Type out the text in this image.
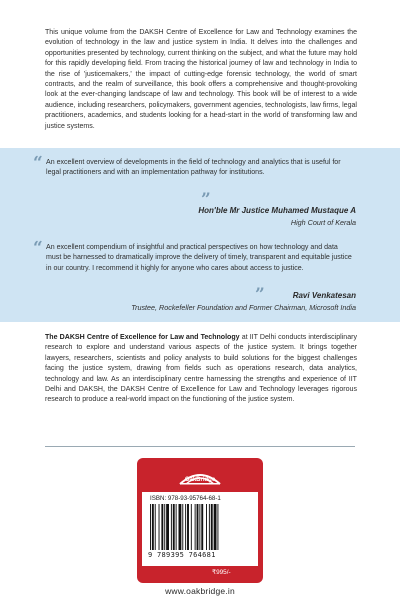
This unique volume from the DAKSH Centre of Excellence for Law and Technology examines the evolution of technology in the law and justice system in India. It delves into the challenges and opportunities presented by technology, current thinking on the subject, and what the future may hold for this rapidly developing field. From tracing the historical journey of law and technology in India to the rise of 'justicemakers,' the impact of cutting-edge forensic technology, the world of smart contracts, and the realm of surveillance, this book offers a comprehensive and thought-provoking look at the ever-changing landscape of law and technology. This book will be of interest to a wide audience, including researchers, policymakers, government agencies, technologists, law firms, legal practitioners, academics, and students looking for a head-start in the world of transforming law and justice systems.
“ An excellent overview of developments in the field of technology and analytics that is useful for legal practitioners and with an implementation pathway for institutions.
”
Hon'ble Mr Justice Muhamed Mustaque A
High Court of Kerala
“ An excellent compendium of insightful and practical perspectives on how technology and data must be harnessed to dramatically improve the delivery of timely, transparent and equitable justice in our country. I recommend it highly for anyone who cares about access to justice.
”	Ravi Venkatesan
Trustee, Rockefeller Foundation and Former Chairman, Microsoft India
The DAKSH Centre of Excellence for Law and Technology at IIT Delhi conducts interdisciplinary research to explore and understand various aspects of the justice system. It brings together lawyers, researchers, scientists and policy analysts to build solutions for the biggest challenges facing the justice system, drawing from fields such as operations research, data analytics, technology and law. As an interdisciplinary centre harnessing the strengths and experience of IIT Delhi and DAKSH, the DAKSH Centre of Excellence for Law and Technology leverages rigorous research to produce a real-world impact on the functioning of the justice system.
OakBridge
ISBN: 978-93-95764-68-1
9 789395 764681
₹995/-
www.oakbridge.in
